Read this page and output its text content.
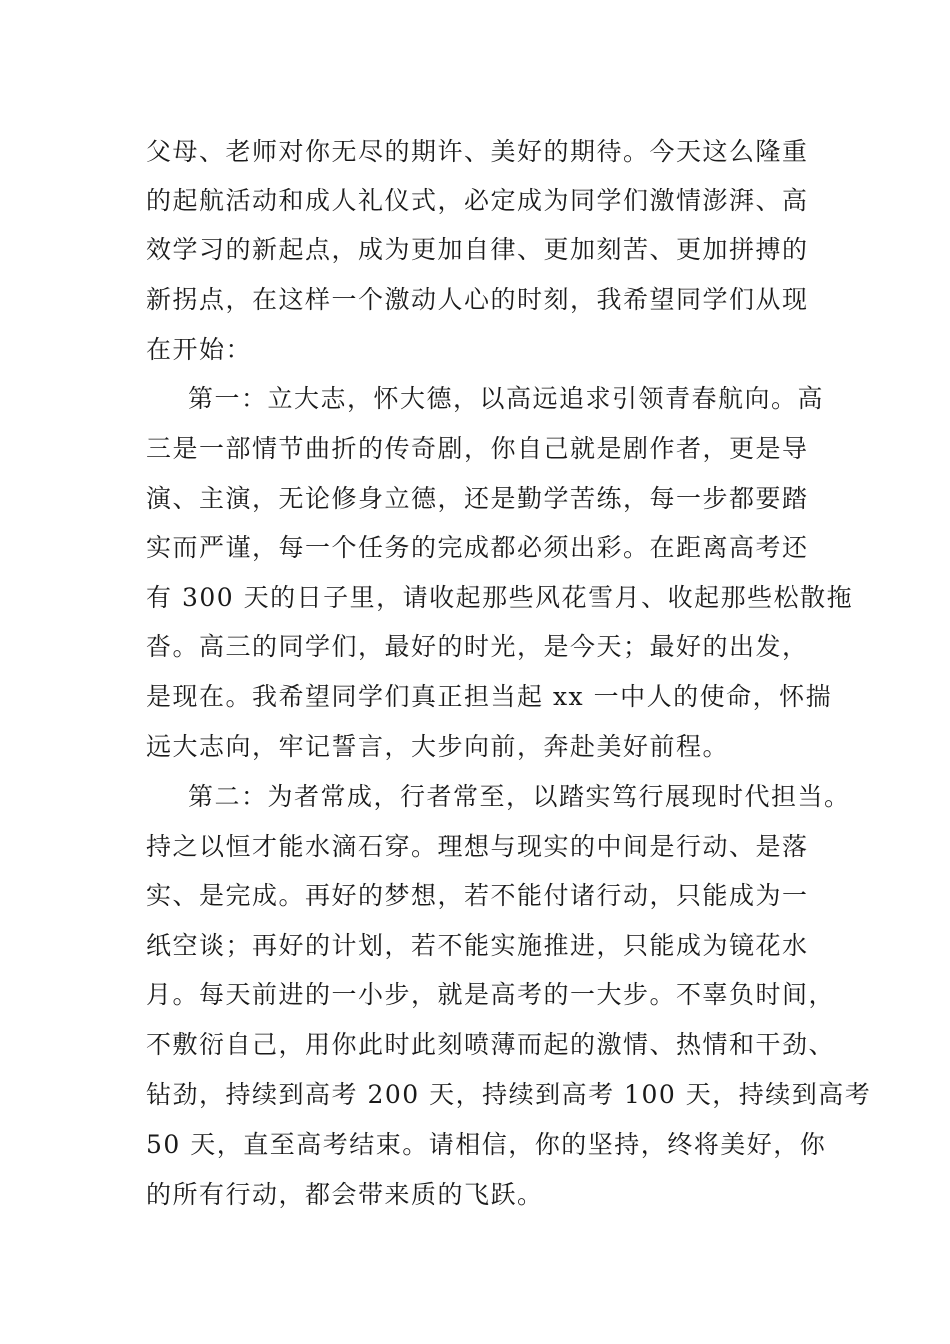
父母、老师对你无尽的期许、美好的期待。今天这么隆重
的起航活动和成人礼仪式，必定成为同学们激情澎湃、高
效学习的新起点，成为更加自律、更加刻苦、更加拼搏的
新拐点，在这样一个激动人心的时刻，我希望同学们从现
在开始：
第一：立大志，怀大德，以高远追求引领青春航向。高
三是一部情节曲折的传奇剧，你自己就是剧作者，更是导
演、主演，无论修身立德，还是勤学苦练，每一步都要踏
实而严谨，每一个任务的完成都必须出彩。在距离高考还
有 300 天的日子里，请收起那些风花雪月、收起那些松散拖
沓。高三的同学们，最好的时光，是今天；最好的出发，
是现在。我希望同学们真正担当起 xx 一中人的使命，怀揣
远大志向，牢记誓言，大步向前，奔赴美好前程。
第二：为者常成，行者常至，以踏实笃行展现时代担当。
持之以恒才能水滴石穿。理想与现实的中间是行动、是落
实、是完成。再好的梦想，若不能付诸行动，只能成为一
纸空谈；再好的计划，若不能实施推进，只能成为镜花水
月。每天前进的一小步，就是高考的一大步。不辜负时间，
不敷衍自己，用你此时此刻喷薄而起的激情、热情和干劲、
钻劲，持续到高考 200 天，持续到高考 100 天，持续到高考
50 天，直至高考结束。请相信，你的坚持，终将美好，你
的所有行动，都会带来质的飞跃。
